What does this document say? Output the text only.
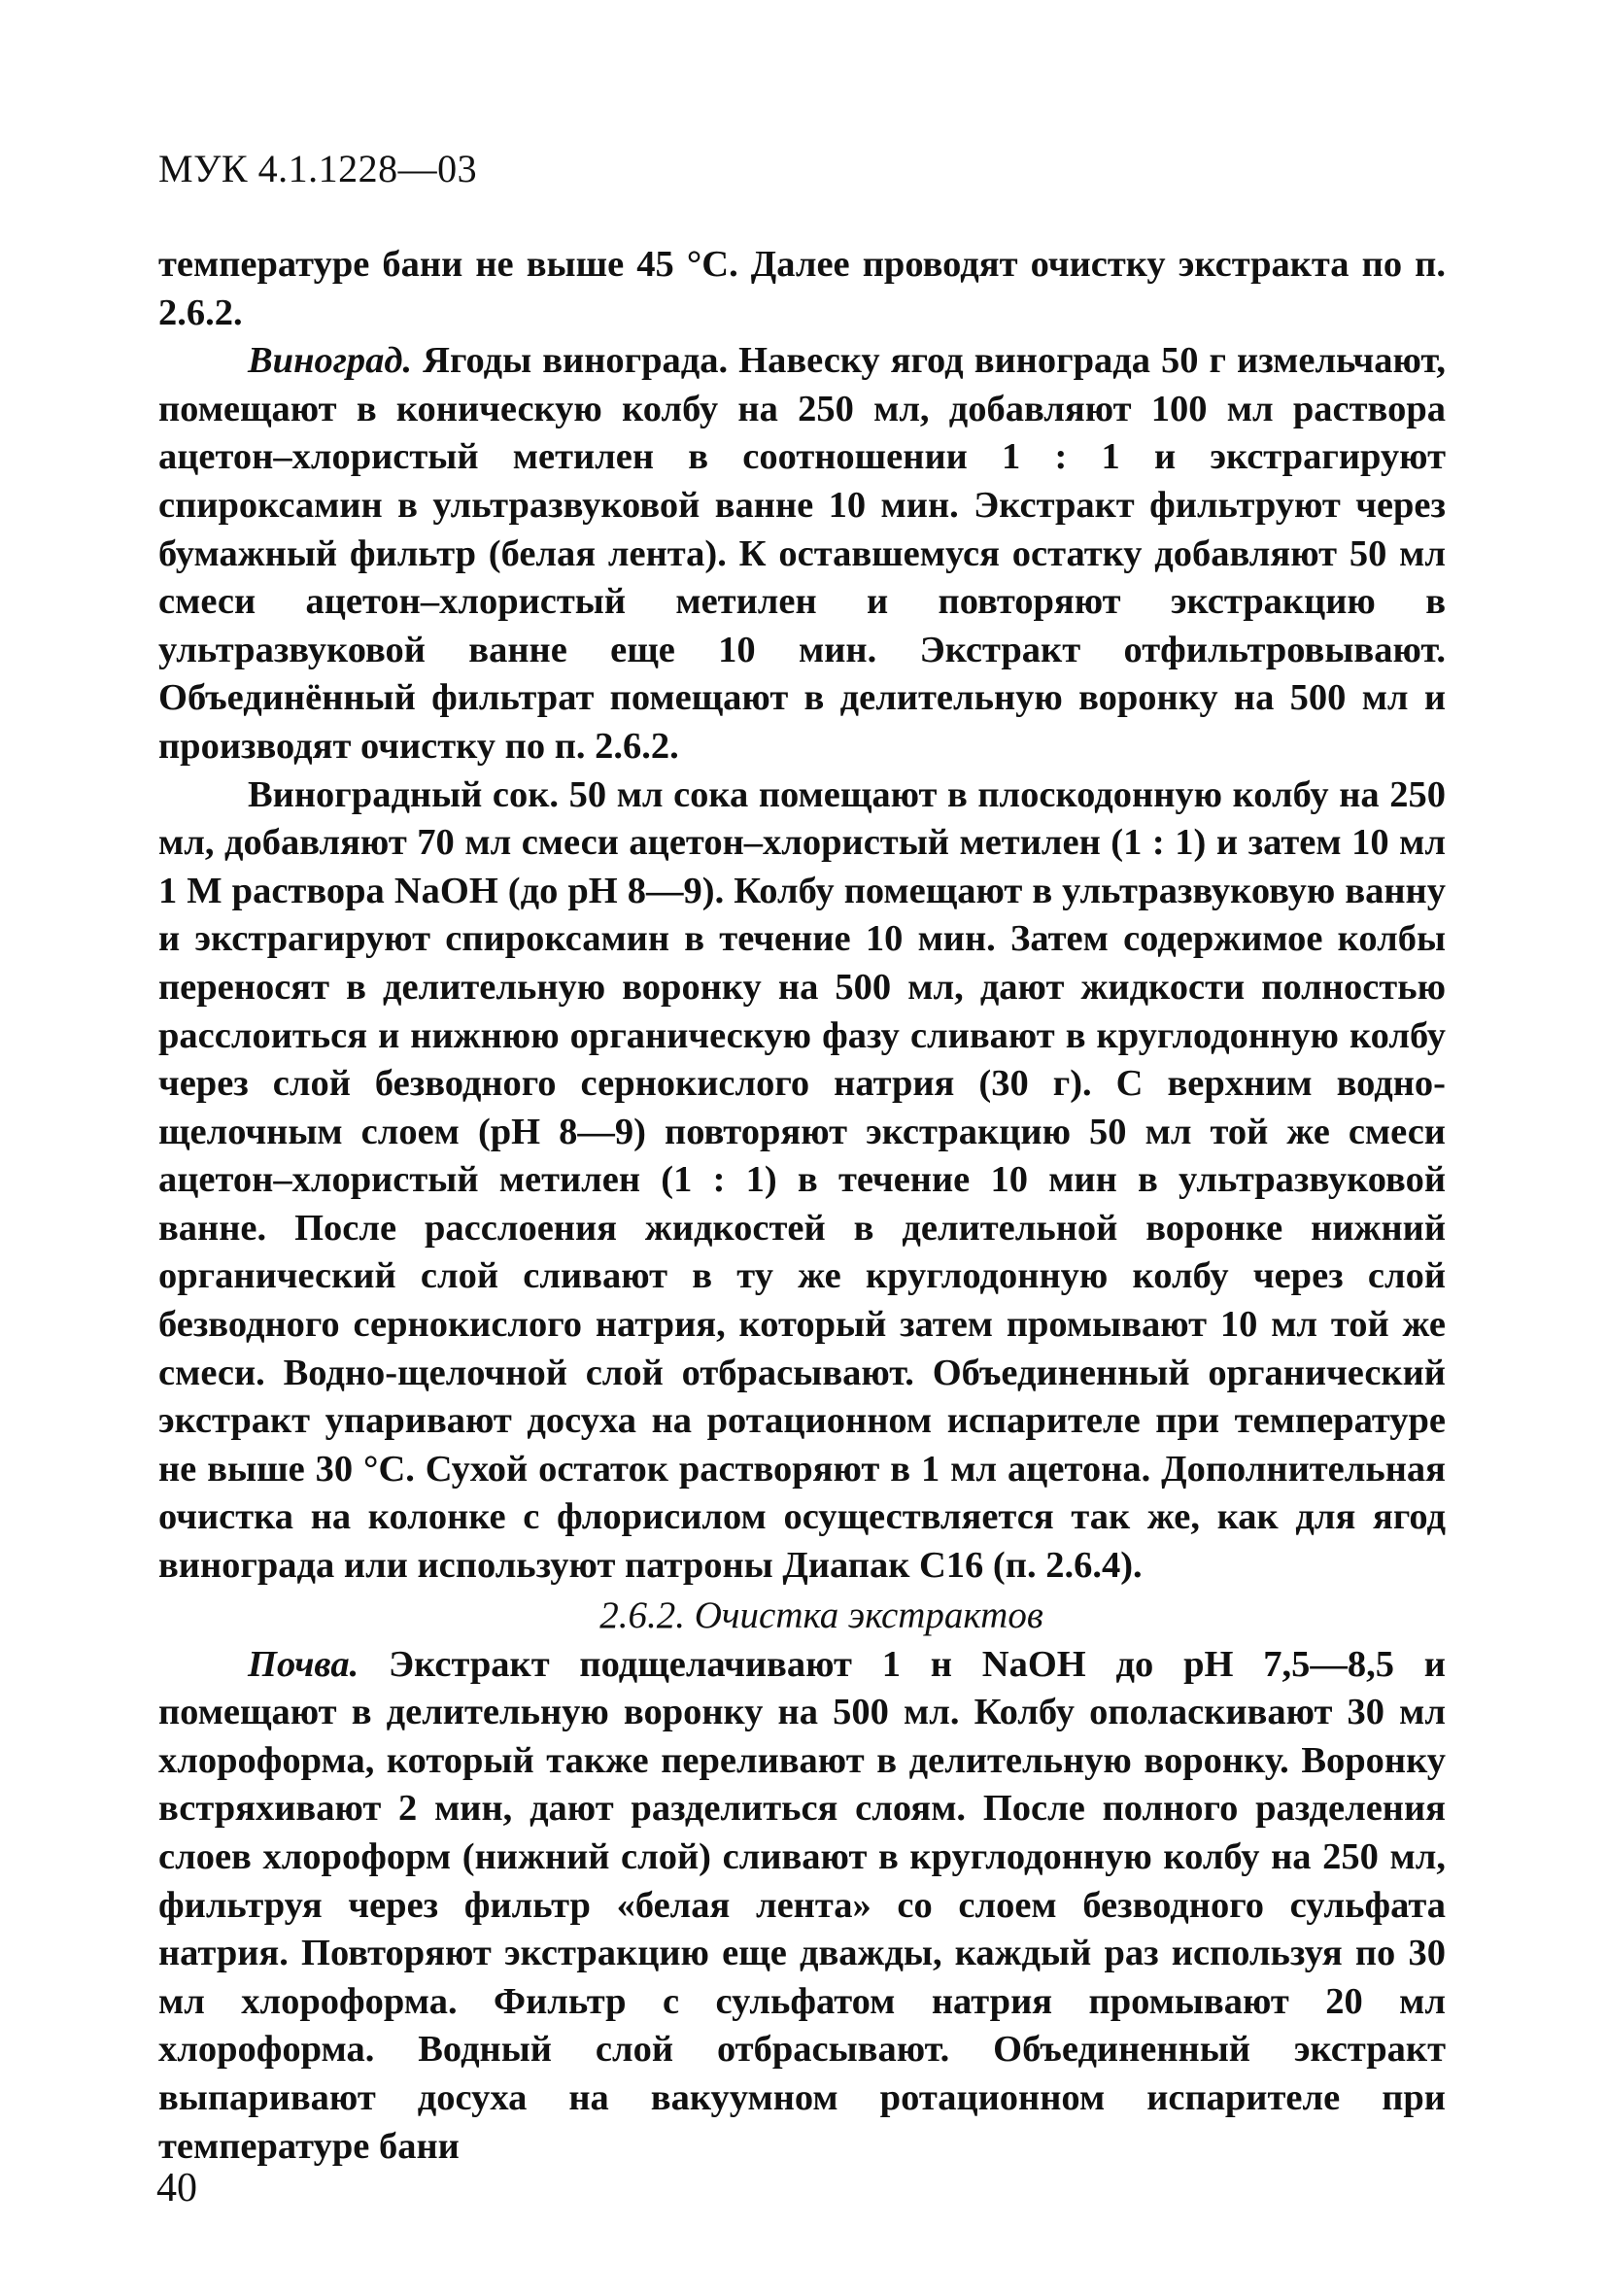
МУК 4.1.1228—03

температуре бани не выше 45 °С. Далее проводят очистку экстракта по п. 2.6.2.

Виноград. Ягоды винограда. Навеску ягод винограда 50 г измельчают, помещают в коническую колбу на 250 мл, добавляют 100 мл раствора ацетон–хлористый метилен в соотношении 1 : 1 и экстрагируют спироксамин в ультразвуковой ванне 10 мин. Экстракт фильтруют через бумажный фильтр (белая лента). К оставшемуся остатку добавляют 50 мл смеси ацетон–хлористый метилен и повторяют экстракцию в ультразвуковой ванне еще 10 мин. Экстракт отфильтровывают. Объединённый фильтрат помещают в делительную воронку на 500 мл и производят очистку по п. 2.6.2.

Виноградный сок. 50 мл сока помещают в плоскодонную колбу на 250 мл, добавляют 70 мл смеси ацетон–хлористый метилен (1 : 1) и затем 10 мл 1 М раствора NaOH (до pH 8—9). Колбу помещают в ультразвуковую ванну и экстрагируют спироксамин в течение 10 мин. Затем содержимое колбы переносят в делительную воронку на 500 мл, дают жидкости полностью расслоиться и нижнюю органическую фазу сливают в круглодонную колбу через слой безводного сернокислого натрия (30 г). С верхним водно-щелочным слоем (pH 8—9) повторяют экстракцию 50 мл той же смеси ацетон–хлористый метилен (1 : 1) в течение 10 мин в ультразвуковой ванне. После расслоения жидкостей в делительной воронке нижний органический слой сливают в ту же круглодонную колбу через слой безводного сернокислого натрия, который затем промывают 10 мл той же смеси. Водно-щелочной слой отбрасывают. Объединенный органический экстракт упаривают досуха на ротационном испарителе при температуре не выше 30 °С. Сухой остаток растворяют в 1 мл ацетона. Дополнительная очистка на колонке с флорисилом осуществляется так же, как для ягод винограда или используют патроны Диапак С16 (п. 2.6.4).

2.6.2. Очистка экстрактов

Почва. Экстракт подщелачивают 1 н NaOH до pH 7,5—8,5 и помещают в делительную воронку на 500 мл. Колбу ополаскивают 30 мл хлороформа, который также переливают в делительную воронку. Воронку встряхивают 2 мин, дают разделиться слоям. После полного разделения слоев хлороформ (нижний слой) сливают в круглодонную колбу на 250 мл, фильтруя через фильтр «белая лента» со слоем безводного сульфата натрия. Повторяют экстракцию еще дважды, каждый раз используя по 30 мл хлороформа. Фильтр с сульфатом натрия промывают 20 мл хлороформа. Водный слой отбрасывают. Объединенный экстракт выпаривают досуха на вакуумном ротационном испарителе при температуре бани

40
